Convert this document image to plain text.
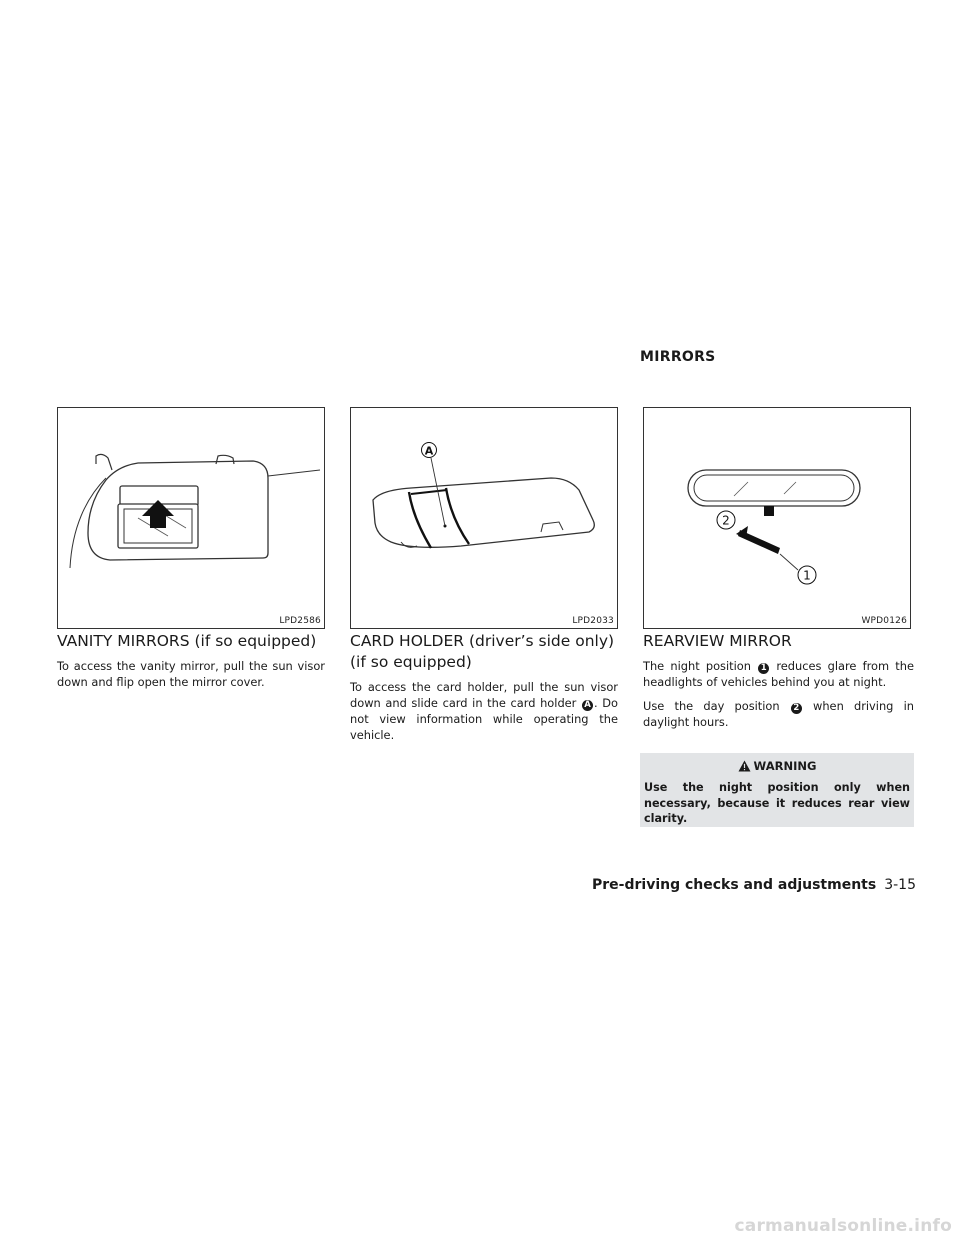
MIRRORS
LPD2586
A
LPD2033
2
1
WPD0126
VANITY MIRRORS (if so equipped)

To access the vanity mirror, pull the sun visor down and flip open the mirror cover.

CARD HOLDER (driver’s side only)
(if so equipped)

To access the card holder, pull the sun visor down and slide card in the card holder A . Do not view information while operating the vehicle.

REARVIEW MIRROR

The night position 1 reduces glare from the headlights of vehicles behind you at night.

Use the day position 2 when driving in daylight hours.

WARNING

Use the night position only when necessary, because it reduces rear view clarity.

Pre-driving checks and adjustments 3-15
carmanualsonline.info
